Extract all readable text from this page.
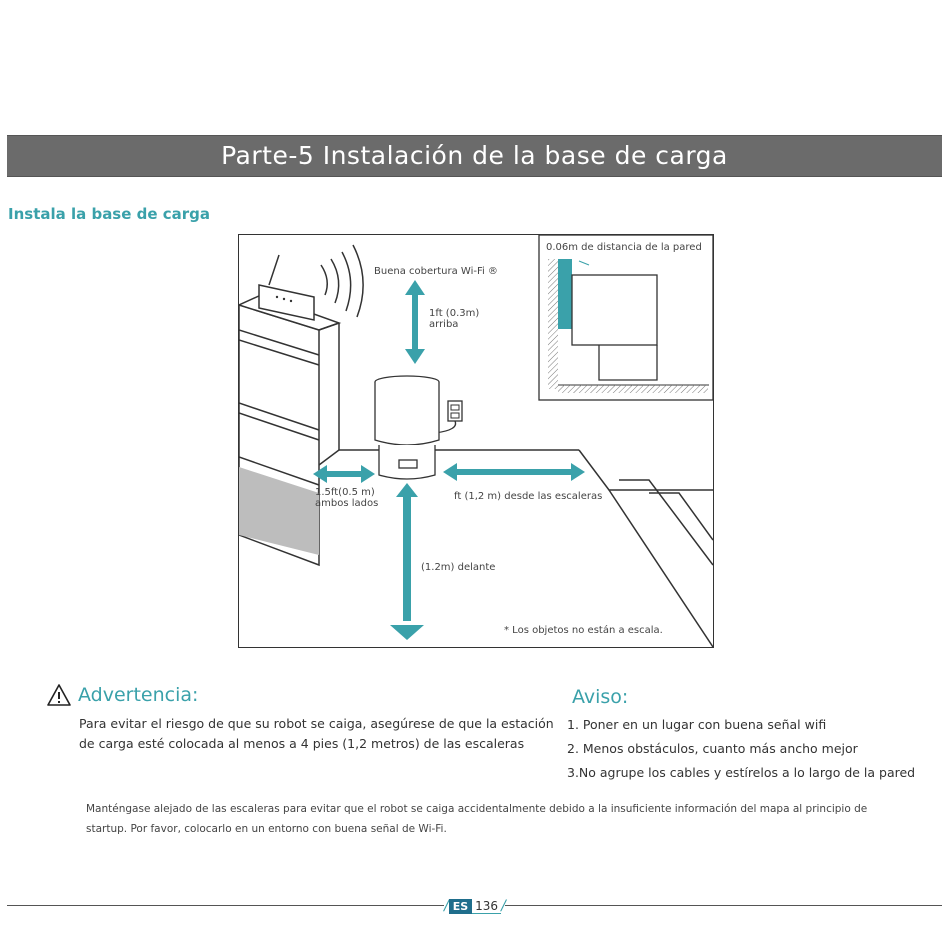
Parte-5 Instalación de la base de carga
Instala la base de carga
Buena cobertura Wi-Fi ®
1ft (0.3m)
arriba
0.06m de distancia de la pared
1.5ft(0.5 m)
ambos lados
ft (1,2 m) desde las escaleras
(1.2m) delante
* Los objetos no están a escala.
Advertencia:
Para evitar el riesgo de que su robot se caiga, asegúrese de que la estación de carga esté colocada al menos a 4 pies (1,2 metros) de las escaleras
Aviso:
1. Poner en un lugar con buena señal wifi
2. Menos obstáculos, cuanto más ancho mejor
3.No agrupe los cables y estírelos a lo largo de la pared
Manténgase alejado de las escaleras para evitar que el robot se caiga accidentalmente debido a la insuficiente información del mapa al principio de startup. Por favor, colocarlo en un entorno con buena señal de Wi-Fi.
/ ES 136 /
